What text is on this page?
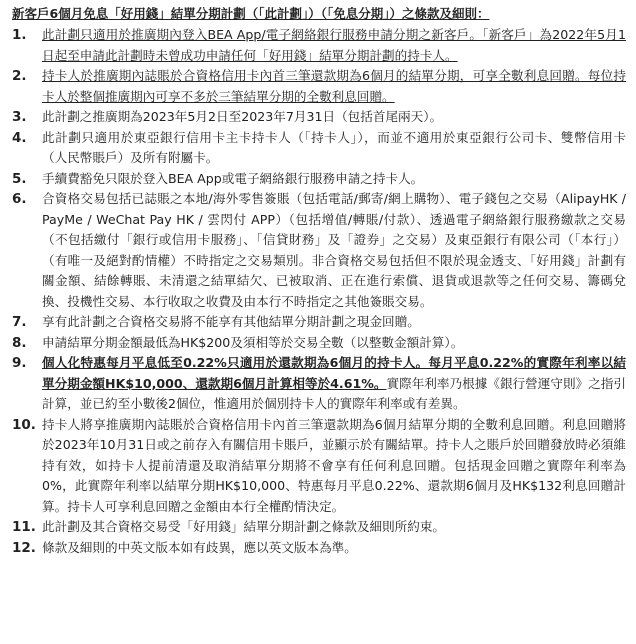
新客戶6個月免息「好用錢」結單分期計劃（「此計劃」）（「免息分期」）之條款及細則：
1.	此計劃只適用於推廣期內登入BEA App/電子網絡銀行服務申請分期之新客戶。「新客戶」為2022年5月1日起至申請此計劃時未曾成功申請任何「好用錢」結單分期計劃的持卡人。
2.	持卡人於推廣期內誌賬於合資格信用卡內首三筆還款期為6個月的結單分期，可享全數利息回贈。每位持卡人於整個推廣期內可享不多於三筆結單分期的全數利息回贈。
3.	此計劃之推廣期為2023年5月2日至2023年7月31日（包括首尾兩天）。
4.	此計劃只適用於東亞銀行信用卡主卡持卡人（「持卡人」），而並不適用於東亞銀行公司卡、雙幣信用卡（人民幣賬戶）及所有附屬卡。
5.	手續費豁免只限於登入BEA App或電子網絡銀行服務申請之持卡人。
6.	合資格交易包括已誌賬之本地/海外零售簽賬（包括電話/郵寄/網上購物）、電子錢包之交易（AlipayHK / PayMe / WeChat Pay HK / 雲閃付 APP）（包括增值/轉賬/付款）、透過電子網絡銀行服務繳款之交易（不包括繳付「銀行或信用卡服務」、「信貸財務」及「證券」之交易）及東亞銀行有限公司（「本行」）（有唯一及絕對酌情權）不時指定之交易類別。非合資格交易包括但不限於現金透支、「好用錢」計劃有關金額、結餘轉賬、未清還之結單結欠、已被取消、正在進行索償、退貨或退款等之任何交易、籌碼兌換、投機性交易、本行收取之收費及由本行不時指定之其他簽賬交易。
7.	享有此計劃之合資格交易將不能享有其他結單分期計劃之現金回贈。
8.	申請結單分期金額最低為HK$200及須相等於交易全數（以整數金額計算）。
9.	個人化特惠每月平息低至0.22%只適用於還款期為6個月的持卡人。每月平息0.22%的實際年利率以結單分期金額HK$10,000、還款期6個月計算相等於4.61%。實際年利率乃根據《銀行營運守則》之指引計算，並已約至小數後2個位，惟適用於個別持卡人的實際年利率或有差異。
10. 持卡人將享推廣期內誌賬於合資格信用卡內首三筆還款期為6個月結單分期的全數利息回贈。利息回贈將於2023年10月31日或之前存入有關信用卡賬戶，並顯示於有關結單。持卡人之賬戶於回贈發放時必須維持有效，如持卡人提前清還及取消結單分期將不會享有任何利息回贈。包括現金回贈之實際年利率為0%，此實際年利率以結單分期HK$10,000、特惠每月平息0.22%、還款期6個月及HK$132利息回贈計算。持卡人可享利息回贈之金額由本行全權酌情決定。
11. 此計劃及其合資格交易受「好用錢」結單分期計劃之條款及細則所約束。
12. 條款及細則的中英文版本如有歧異，應以英文版本為準。
